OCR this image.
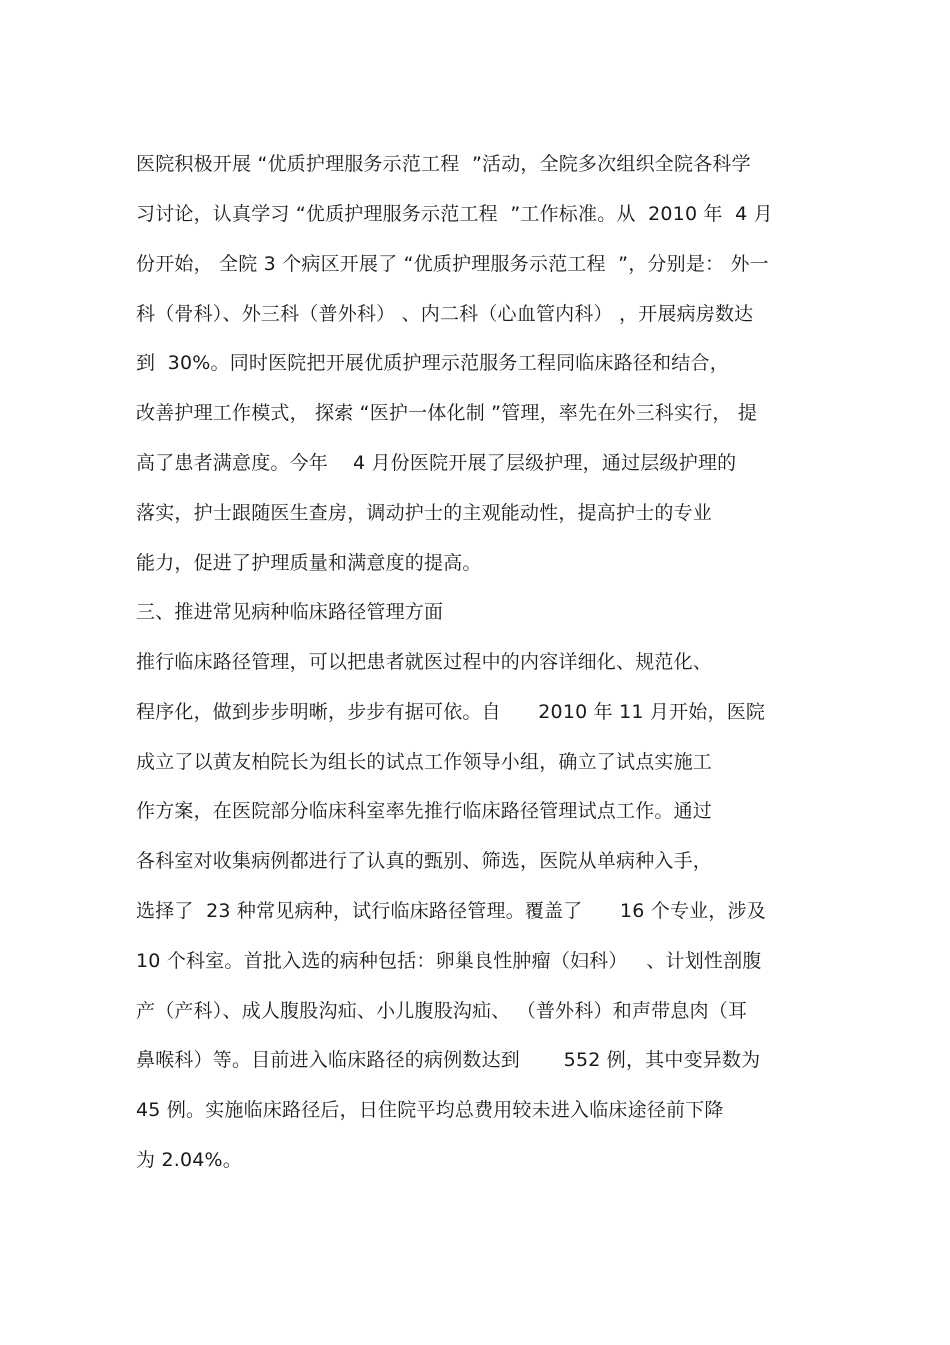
医院积极开展 “优质护理服务示范工程  ”活动，全院多次组织全院各科学
习讨论，认真学习 “优质护理服务示范工程  ”工作标准。从  2010 年  4 月
份开始， 全院 3 个病区开展了 “优质护理服务示范工程  ”，分别是： 外一
科（骨科）、外三科（普外科） 、内二科（心血管内科） ，开展病房数达
到  30%。同时医院把开展优质护理示范服务工程同临床路径和结合，
改善护理工作模式， 探索 “医护一体化制 ”管理，率先在外三科实行， 提
高了患者满意度。今年    4 月份医院开展了层级护理，通过层级护理的
落实，护士跟随医生查房，调动护士的主观能动性，提高护士的专业
能力，促进了护理质量和满意度的提高。
三、推进常见病种临床路径管理方面
推行临床路径管理，可以把患者就医过程中的内容详细化、规范化、
程序化，做到步步明晰，步步有据可依。自      2010 年 11 月开始，医院
成立了以黄友柏院长为组长的试点工作领导小组，确立了试点实施工
作方案，在医院部分临床科室率先推行临床路径管理试点工作。通过
各科室对收集病例都进行了认真的甄别、筛选，医院从单病种入手，
选择了  23 种常见病种，试行临床路径管理。覆盖了      16 个专业，涉及
10 个科室。首批入选的病种包括：卵巢良性肿瘤（妇科）   、计划性剖腹
产（产科）、成人腹股沟疝、小儿腹股沟疝、 （普外科）和声带息肉（耳
鼻喉科）等。目前进入临床路径的病例数达到       552 例，其中变异数为
45 例。实施临床路径后，日住院平均总费用较未进入临床途径前下降
为 2.04%。
